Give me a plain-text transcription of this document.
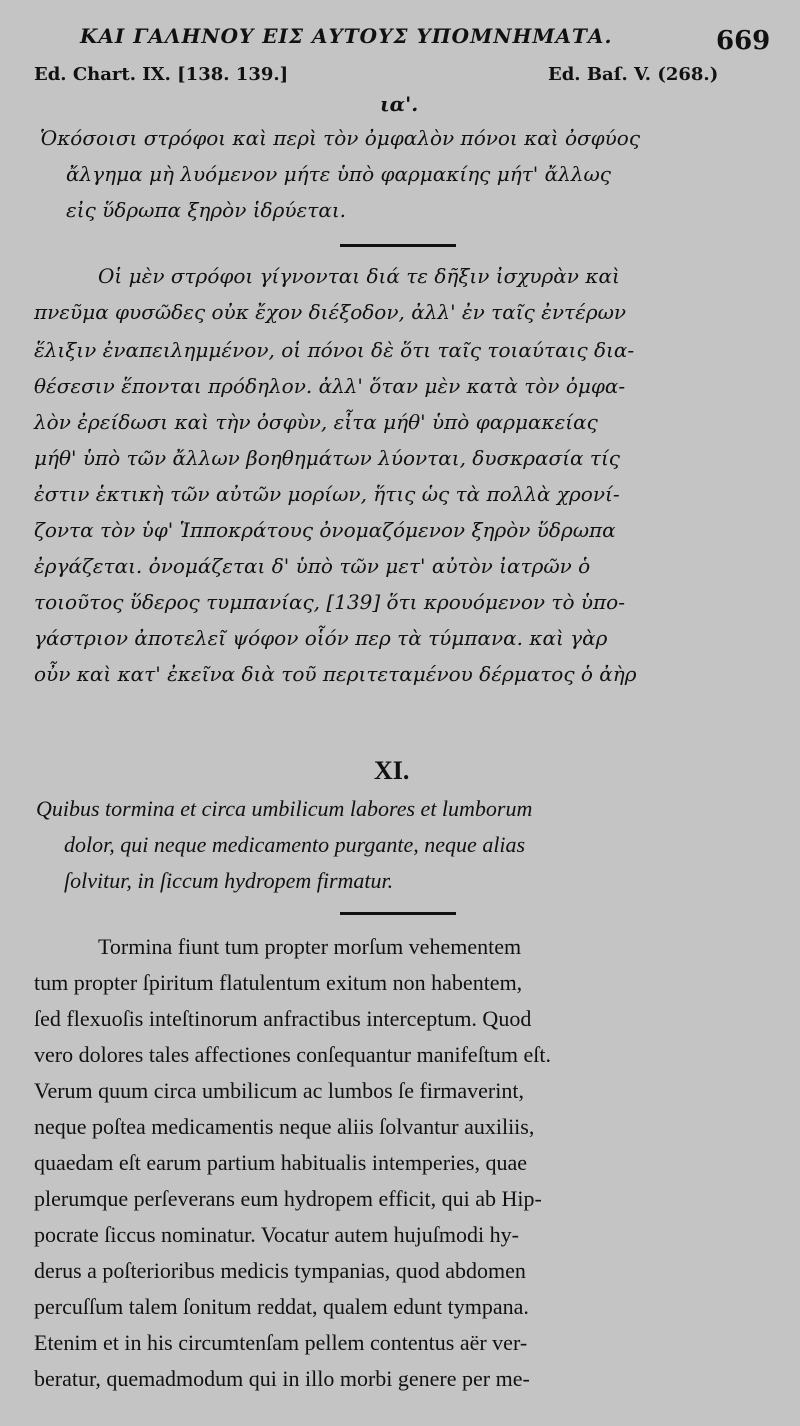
ΚΑΙ ΓΑΛΗΝΟΥ ΕΙΣ ΑΥΤΟΥΣ ΥΠΟΜΝΗΜΑΤΑ.	669
Ed. Chart. IX. [138. 139.]	Ed. Baſ. V. (268.)
ια'.
Ὁκόσοισι στρόφοι καὶ περὶ τὸν ὀμφαλὸν πόνοι καὶ ὀσφύος
ἄλγημα μὴ λυόμενον μήτε ὑπὸ φαρμακίης μήτ' ἄλλως
εἰς ὕδρωπα ξηρὸν ἱδρύεται.
Οἱ μὲν στρόφοι γίγνονται διά τε δῆξιν ἰσχυρὰν καὶ
πνεῦμα φυσῶδες οὐκ ἔχον διέξοδον, ἀλλ' ἐν ταῖς ἐντέρων
ἕλιξιν ἐναπειλημμένον, οἱ πόνοι δὲ ὅτι ταῖς τοιαύταις δια-
θέσεσιν ἕπονται πρόδηλον. ἀλλ' ὅταν μὲν κατὰ τὸν ὀμφα-
λὸν ἐρείδωσι καὶ τὴν ὀσφὺν, εἶτα μήθ' ὑπὸ φαρμακείας
μήθ' ὑπὸ τῶν ἄλλων βοηθημάτων λύονται, δυσκρασία τίς
ἐστιν ἑκτικὴ τῶν αὐτῶν μορίων, ἥτις ὡς τὰ πολλὰ χρονί-
ζοντα τὸν ὑφ' Ἱπποκράτους ὀνομαζόμενον ξηρὸν ὕδρωπα
ἐργάζεται. ὀνομάζεται δ' ὑπὸ τῶν μετ' αὐτὸν ἰατρῶν ὁ
τοιοῦτος ὕδερος τυμπανίας, [139] ὅτι κρουόμενον τὸ ὑπο-
γάστριον ἀποτελεῖ ψόφον οἷόν περ τὰ τύμπανα. καὶ γὰρ
οὖν καὶ κατ' ἐκεῖνα διὰ τοῦ περιτεταμένου δέρματος ὁ ἀὴρ
XI.
Quibus tormina et circa umbilicum labores et lumborum
dolor, qui neque medicamento purgante, neque alias
ſolvitur, in ſiccum hydropem firmatur.
Tormina fiunt tum propter morſum vehementem
tum propter ſpiritum flatulentum exitum non habentem,
ſed flexuoſis inteſtinorum anfractibus interceptum. Quod
vero dolores tales affectiones conſequantur manifeſtum eſt.
Verum quum circa umbilicum ac lumbos ſe firmaverint,
neque poſtea medicamentis neque aliis ſolvantur auxiliis,
quaedam eſt earum partium habitualis intemperies, quae
plerumque perſeverans eum hydropem efficit, qui ab Hip-
pocrate ſiccus nominatur. Vocatur autem hujuſmodi hy-
derus a poſterioribus medicis tympanias, quod abdomen
percuſſum talem ſonitum reddat, qualem edunt tympana.
Etenim et in his circumtenſam pellem contentus aër ver-
beratur, quemadmodum qui in illo morbi genere per me-
